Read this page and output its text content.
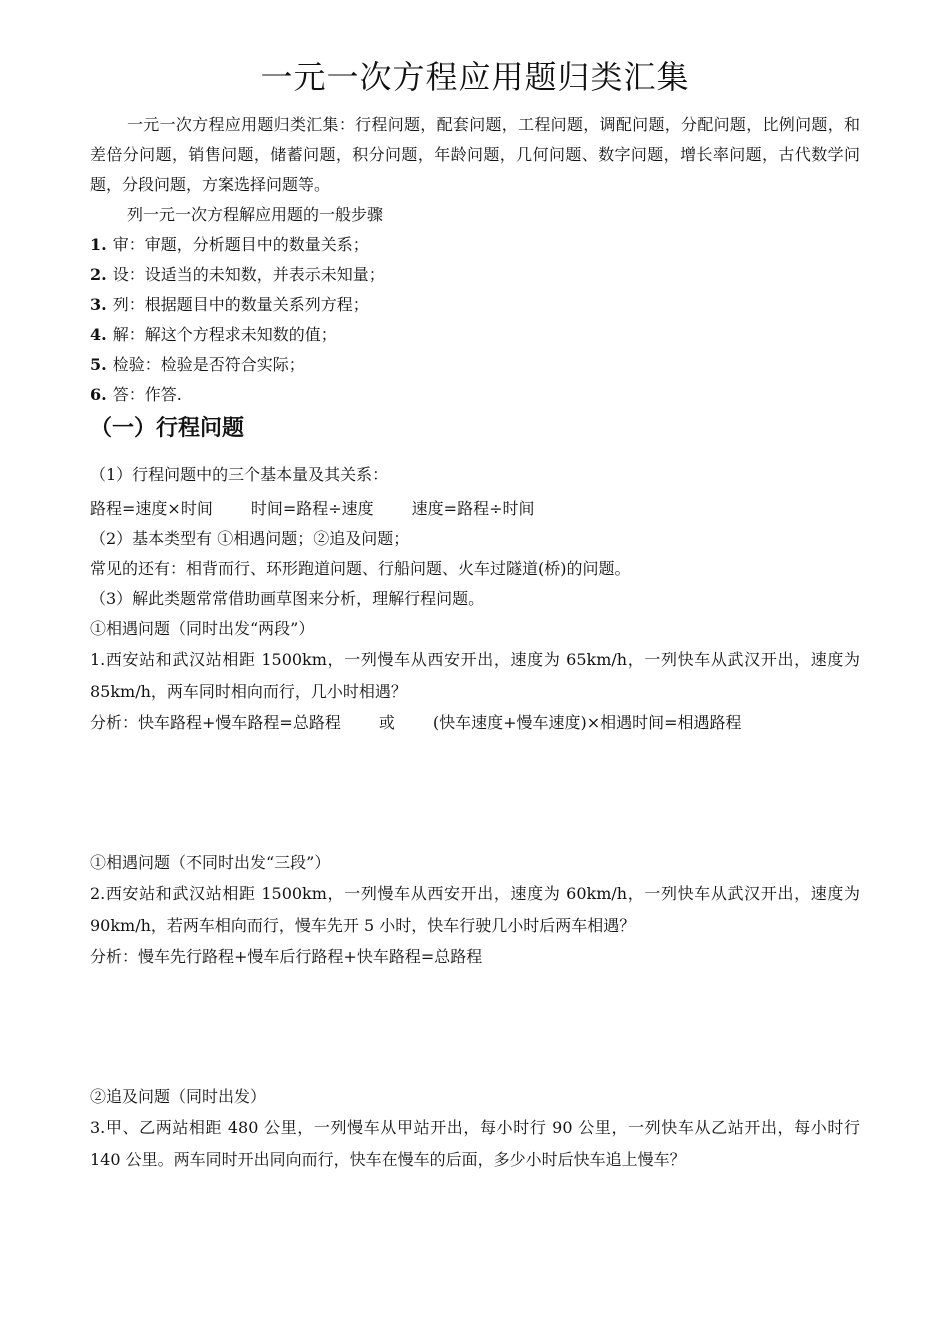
一元一次方程应用题归类汇集

一元一次方程应用题归类汇集：行程问题，配套问题，工程问题，调配问题，分配问题，比例问题，和差倍分问题，销售问题，储蓄问题，积分问题，年龄问题，几何问题、数字问题，增长率问题，古代数学问题，分段问题，方案选择问题等。

列一元一次方程解应用题的一般步骤

1. 审：审题，分析题目中的数量关系；

2. 设：设适当的未知数，并表示未知量；

3. 列：根据题目中的数量关系列方程；

4. 解：解这个方程求未知数的值；

5. 检验：检验是否符合实际；

6. 答：作答.

（一）行程问题

（1）行程问题中的三个基本量及其关系：

路程=速度×时间 时间=路程÷速度 速度=路程÷时间

（2）基本类型有 ①相遇问题；②追及问题；

常见的还有：相背而行、环形跑道问题、行船问题、火车过隧道(桥)的问题。

（3）解此类题常常借助画草图来分析，理解行程问题。

①相遇问题（同时出发“两段”）

1.西安站和武汉站相距 1500km，一列慢车从西安开出，速度为 65km/h，一列快车从武汉开出，速度为 85km/h，两车同时相向而行，几小时相遇？

分析：快车路程+慢车路程=总路程 或 (快车速度+慢车速度)×相遇时间=相遇路程

①相遇问题（不同时出发“三段”）

2.西安站和武汉站相距 1500km，一列慢车从西安开出，速度为 60km/h，一列快车从武汉开出，速度为 90km/h，若两车相向而行，慢车先开 5 小时，快车行驶几小时后两车相遇？

分析：慢车先行路程+慢车后行路程+快车路程=总路程

②追及问题（同时出发）

3.甲、乙两站相距 480 公里，一列慢车从甲站开出，每小时行 90 公里，一列快车从乙站开出，每小时行 140 公里。两车同时开出同向而行，快车在慢车的后面，多少小时后快车追上慢车？
